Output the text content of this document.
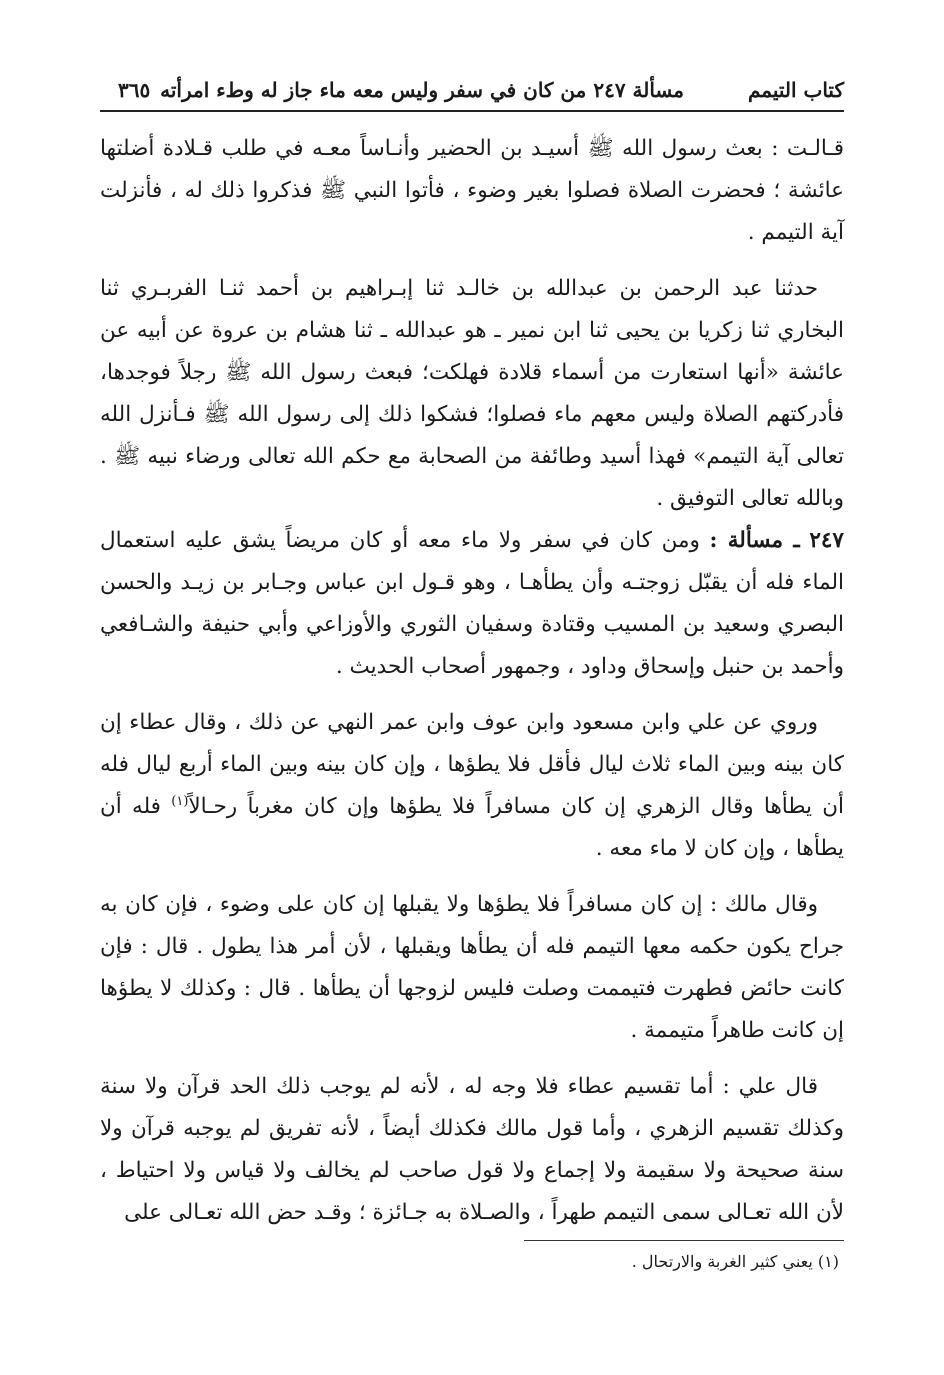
كتاب التيمم
مسألة ٢٤٧ من كان في سفر وليس معه ماء جاز له وطء امرأته
٣٦٥

قـالـت : بعث رسول الله ﷺ أسيـد بن الحضير وأنـاساً معـه في طلب قـلادة أضلتها عائشة ؛ فحضرت الصلاة فصلوا بغير وضوء ، فأتوا النبي ﷺ فذكروا ذلك له ، فأنزلت آية التيمم .

حدثنا عبد الرحمن بن عبدالله بن خالـد ثنا إبـراهيم بن أحمد ثنـا الفربـري ثنا البخاري ثنا زكريا بن يحيى ثنا ابن نمير ـ هو عبدالله ـ ثنا هشام بن عروة عن أبيه عن عائشة «أنها استعارت من أسماء قلادة فهلكت؛ فبعث رسول الله ﷺ رجلاً فوجدها، فأدركتهم الصلاة وليس معهم ماء فصلوا؛ فشكوا ذلك إلى رسول الله ﷺ فـأنزل الله تعالى آية التيمم» فهذا أسيد وطائفة من الصحابة مع حكم الله تعالى ورضاء نبيه ﷺ . وبالله تعالى التوفيق .

٢٤٧ ـ مسألة : ومن كان في سفر ولا ماء معه أو كان مريضاً يشق عليه استعمال الماء فله أن يقبّل زوجتـه وأن يطأهـا ، وهو قـول ابن عباس وجـابر بن زيـد والحسن البصري وسعيد بن المسيب وقتادة وسفيان الثوري والأوزاعي وأبي حنيفة والشـافعي وأحمد بن حنبل وإسحاق وداود ، وجمهور أصحاب الحديث .

وروي عن علي وابن مسعود وابن عوف وابن عمر النهي عن ذلك ، وقال عطاء إن كان بينه وبين الماء ثلاث ليال فأقل فلا يطؤها ، وإن كان بينه وبين الماء أربع ليال فله أن يطأها وقال الزهري إن كان مسافراً فلا يطؤها وإن كان مغرباً رحـالاً$^{(١)}$ فله أن يطأها ، وإن كان لا ماء معه .

وقال مالك : إن كان مسافراً فلا يطؤها ولا يقبلها إن كان على وضوء ، فإن كان به جراح يكون حكمه معها التيمم فله أن يطأها ويقبلها ، لأن أمر هذا يطول . قال : فإن كانت حائض فطهرت فتيممت وصلت فليس لزوجها أن يطأها . قال : وكذلك لا يطؤها إن كانت طاهراً متيممة .

قال علي : أما تقسيم عطاء فلا وجه له ، لأنه لم يوجب ذلك الحد قرآن ولا سنة وكذلك تقسيم الزهري ، وأما قول مالك فكذلك أيضاً ، لأنه تفريق لم يوجبه قرآن ولا سنة صحيحة ولا سقيمة ولا إجماع ولا قول صاحب لم يخالف ولا قياس ولا احتياط ، لأن الله تعـالى سمى التيمم طهراً ، والصـلاة به جـائزة ؛ وقـد حض الله تعـالى على

(١) يعني كثير الغربة والارتحال .
